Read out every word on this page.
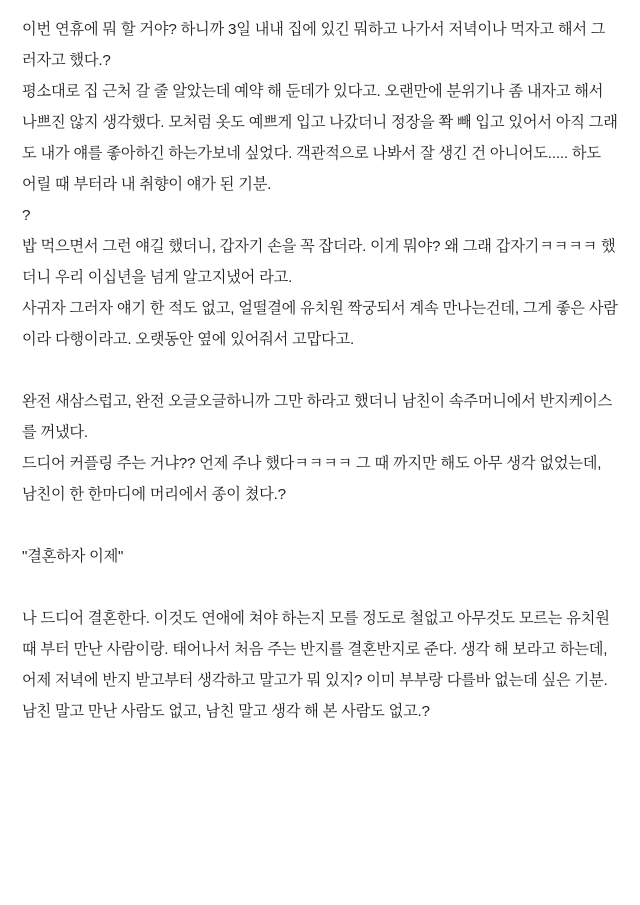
이번 연휴에 뭐 할 거야? 하니까 3일 내내 집에 있긴 뭐하고 나가서 저녁이나 먹자고 해서 그러자고 했다.?

평소대로 집 근처 갈 줄 알았는데 예약 해 둔데가 있다고. 오랜만에 분위기나 좀 내자고 해서 나쁘진 않지 생각했다. 모처럼 옷도 예쁘게 입고 나갔더니 정장을 쫙 빼 입고 있어서 아직 그래도 내가 얘를 좋아하긴 하는가보네 싶었다. 객관적으로 나봐서 잘 생긴 건 아니어도..... 하도 어릴 때 부터라 내 취향이 얘가 된 기분.

?

밥 먹으면서 그런 얘길 했더니, 갑자기 손을 꼭 잡더라. 이게 뭐야? 왜 그래 갑자기ㅋㅋㅋㅋ 했더니 우리 이십년을 넘게 알고지냈어 라고.

사귀자 그러자 얘기 한 적도 없고, 얼떨결에 유치원 짝궁되서 계속 만나는건데, 그게 좋은 사람이라 다행이라고. 오랫동안 옆에 있어줘서 고맙다고.

완전 새삼스럽고, 완전 오글오글하니까 그만 하라고 했더니 남친이 속주머니에서 반지케이스를 꺼냈다.

드디어 커플링 주는 거냐?? 언제 주나 했다ㅋㅋㅋㅋ 그 때 까지만 해도 아무 생각 없었는데, 남친이 한 한마디에 머리에서 종이 쳤다.?

"결혼하자 이제"

나 드디어 결혼한다. 이것도 연애에 쳐야 하는지 모를 정도로 철없고 아무것도 모르는 유치원때 부터 만난 사람이랑. 태어나서 처음 주는 반지를 결혼반지로 준다. 생각 해 보라고 하는데, 어제 저녁에 반지 받고부터 생각하고 말고가 뭐 있지? 이미 부부랑 다를바 없는데 싶은 기분. 남친 말고 만난 사람도 없고, 남친 말고 생각 해 본 사람도 없고.?
